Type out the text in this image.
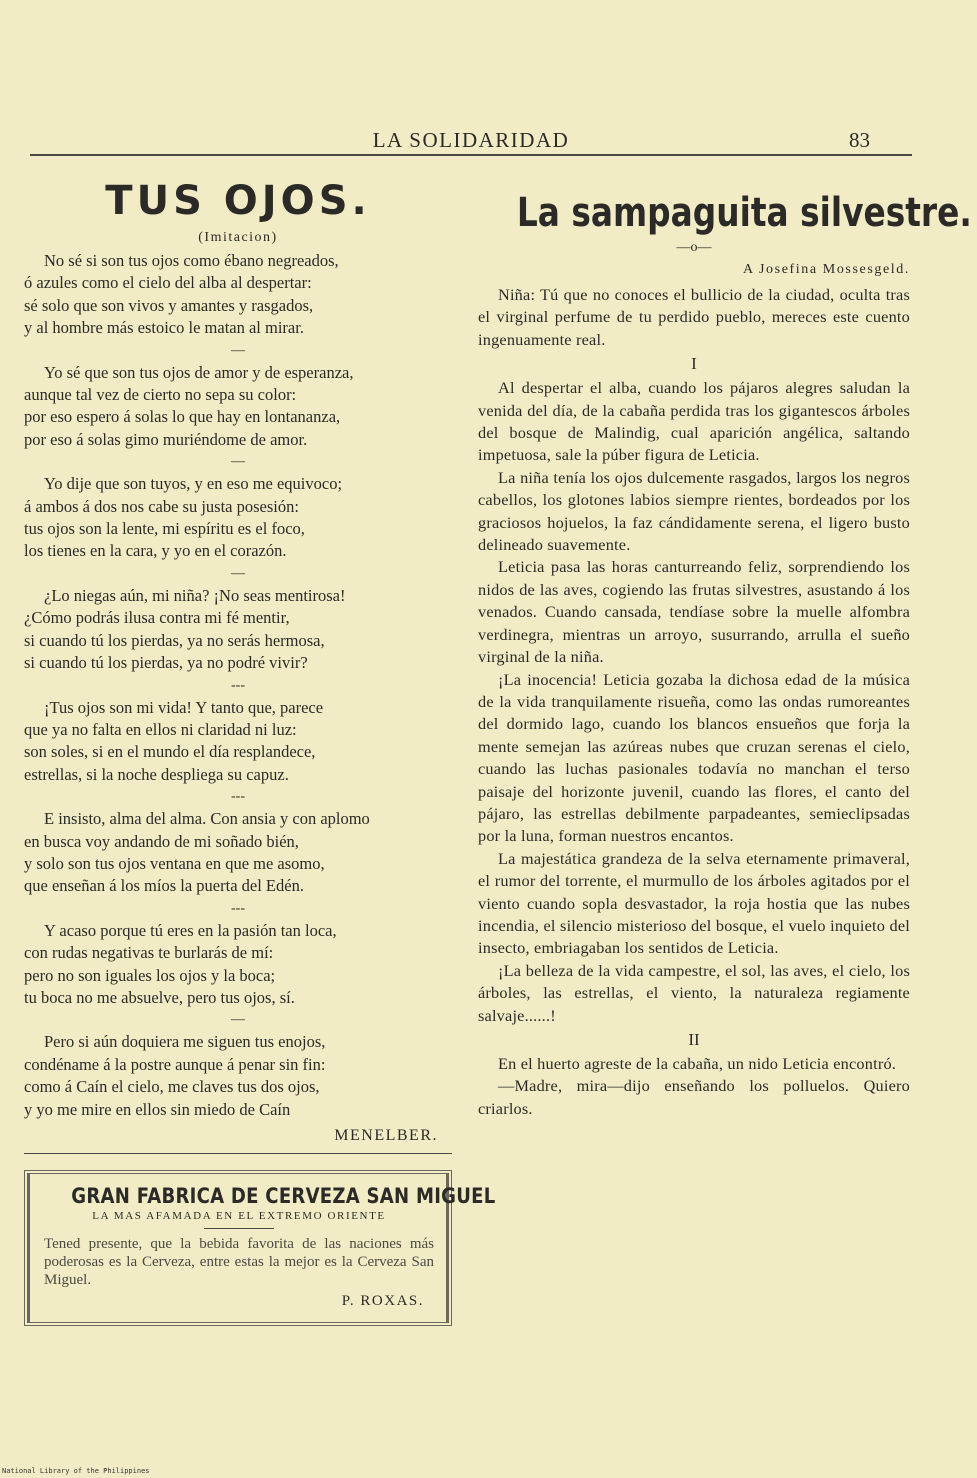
LA SOLIDARIDAD	83
TUS OJOS.
(Imitacion)
No sé si son tus ojos como ébano negreados,
ó azules como el cielo del alba al despertar:
sé solo que son vivos y amantes y rasgados,
y al hombre más estoico le matan al mirar.
—
Yo sé que son tus ojos de amor y de esperanza,
aunque tal vez de cierto no sepa su color:
por eso espero á solas lo que hay en lontananza,
por eso á solas gimo muriéndome de amor.
—
Yo dije que son tuyos, y en eso me equivoco;
á ambos á dos nos cabe su justa posesión:
tus ojos son la lente, mi espíritu es el foco,
los tienes en la cara, y yo en el corazón.
—
¿Lo niegas aún, mi niña? ¡No seas mentirosa!
¿Cómo podrás ilusa contra mi fé mentir,
si cuando tú los pierdas, ya no serás hermosa,
si cuando tú los pierdas, ya no podré vivir?
---
¡Tus ojos son mi vida! Y tanto que, parece
que ya no falta en ellos ni claridad ni luz:
son soles, si en el mundo el día resplandece,
estrellas, si la noche despliega su capuz.
---
E insisto, alma del alma. Con ansia y con aplomo
en busca voy andando de mi soñado bién,
y solo son tus ojos ventana en que me asomo,
que enseñan á los míos la puerta del Edén.
---
Y acaso porque tú eres en la pasión tan loca,
con rudas negativas te burlarás de mí:
pero no son iguales los ojos y la boca;
tu boca no me absuelve, pero tus ojos, sí.
—
Pero si aún doquiera me siguen tus enojos,
condéname á la postre aunque á penar sin fin:
como á Caín el cielo, me claves tus dos ojos,
y yo me mire en ellos sin miedo de Caín
MENELBER.
GRAN FABRICA DE CERVEZA SAN MIGUEL
LA MAS AFAMADA EN EL EXTREMO ORIENTE
Tened presente, que la bebida favorita de las naciones más poderosas es la Cerveza, entre estas la mejor es la Cerveza San Miguel.
P. ROXAS.
La sampaguita silvestre.
—o—
A Josefina Mossesgeld.

Niña: Tú que no conoces el bullicio de la ciudad, oculta tras el virginal perfume de tu perdido pueblo, mereces este cuento ingenuamente real.

I

Al despertar el alba, cuando los pájaros alegres saludan la venida del día, de la cabaña perdida tras los gigantescos árboles del bosque de Malindig, cual aparición angélica, saltando impetuosa, sale la púber figura de Leticia.

La niña tenía los ojos dulcemente rasgados, largos los negros cabellos, los glotones labios siempre rientes, bordeados por los graciosos hojuelos, la faz cándidamente serena, el ligero busto delineado suavemente.

Leticia pasa las horas canturreando feliz, sorprendiendo los nidos de las aves, cogiendo las frutas silvestres, asustando á los venados. Cuando cansada, tendíase sobre la muelle alfombra verdinegra, mientras un arroyo, susurrando, arrulla el sueño virginal de la niña.

¡La inocencia! Leticia gozaba la dichosa edad de la música de la vida tranquilamente risueña, como las ondas rumoreantes del dormido lago, cuando los blancos ensueños que forja la mente semejan las azúreas nubes que cruzan serenas el cielo, cuando las luchas pasionales todavía no manchan el terso paisaje del horizonte juvenil, cuando las flores, el canto del pájaro, las estrellas debilmente parpadeantes, semieclipsadas por la luna, forman nuestros encantos.

La majestática grandeza de la selva eternamente primaveral, el rumor del torrente, el murmullo de los árboles agitados por el viento cuando sopla desvastador, la roja hostia que las nubes incendia, el silencio misterioso del bosque, el vuelo inquieto del insecto, embriagaban los sentidos de Leticia.

¡La belleza de la vida campestre, el sol, las aves, el cielo, los árboles, las estrellas, el viento, la naturaleza regiamente salvaje......!

II

En el huerto agreste de la cabaña, un nido Leticia encontró.

—Madre, mira—dijo enseñando los polluelos. Quiero criarlos.

National Library of the Philippines
